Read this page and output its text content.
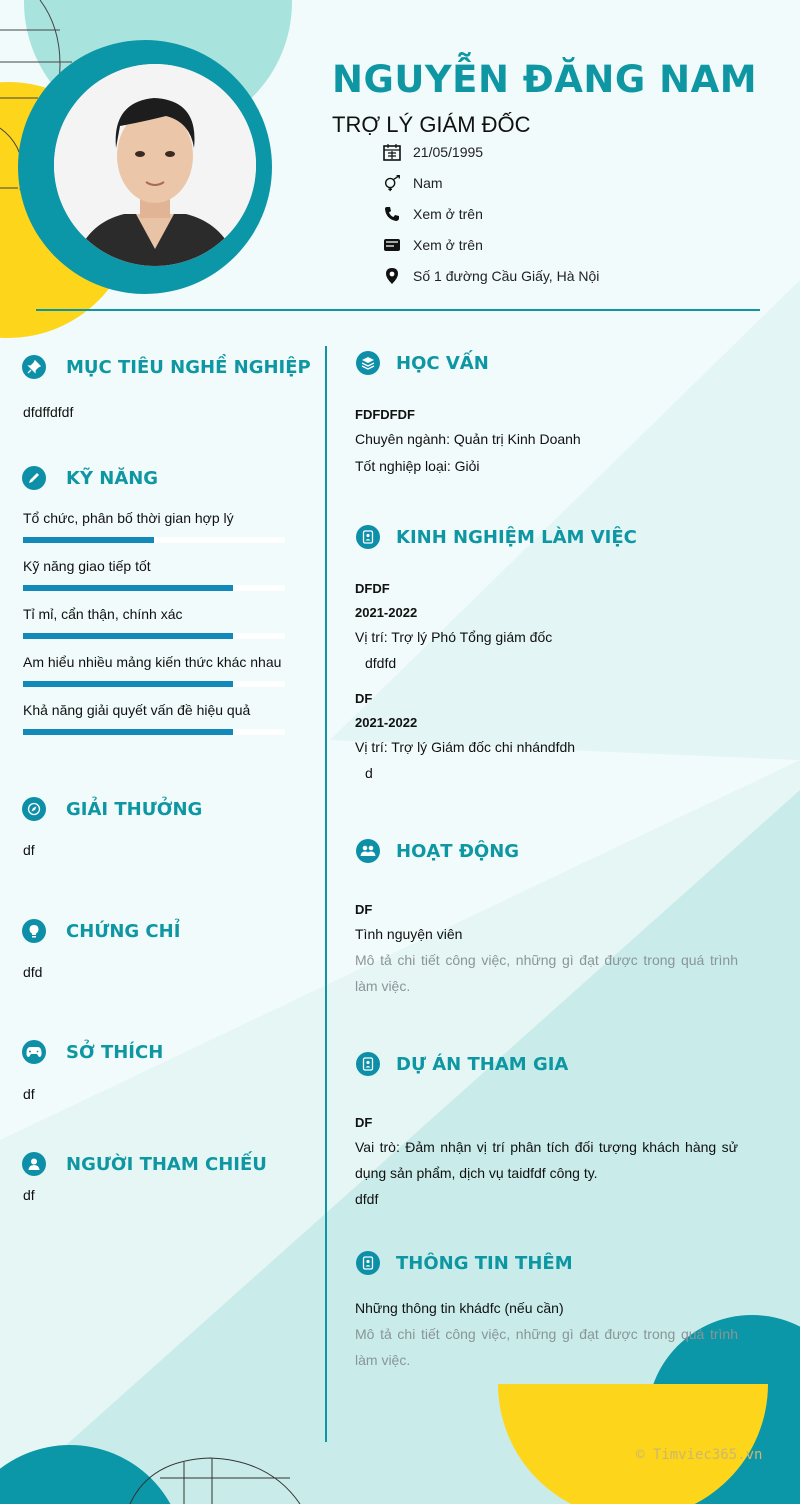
NGUYỄN ĐĂNG NAM
TRỢ LÝ GIÁM ĐỐC
21/05/1995
Nam
Xem ở trên
Xem ở trên
Số 1 đường Cầu Giấy, Hà Nội
MỤC TIÊU NGHỀ NGHIỆP
dfdffdfdf
KỸ NĂNG
Tổ chức, phân bố thời gian hợp lý
Kỹ năng giao tiếp tốt
Tỉ mỉ, cẩn thận, chính xác
Am hiểu nhiều mảng kiến thức khác nhau
Khả năng giải quyết vấn đề hiệu quả
GIẢI THƯỞNG
df
CHỨNG CHỈ
dfd
SỞ THÍCH
df
NGƯỜI THAM CHIẾU
df
HỌC VẤN
FDFDFDF
Chuyên ngành: Quản trị Kinh Doanh
Tốt nghiệp loại: Giỏi
KINH NGHIỆM LÀM VIỆC
DFDF
2021-2022
Vị trí: Trợ lý Phó Tổng giám đốc
dfdfd
DF
2021-2022
Vị trí: Trợ lý Giám đốc chi nhándfdh
d
HOẠT ĐỘNG
DF
Tình nguyện viên
Mô tả chi tiết công việc, những gì đạt được trong quá trình làm việc.
DỰ ÁN THAM GIA
DF
Vai trò: Đảm nhận vị trí phân tích đối tượng khách hàng sử dụng sản phẩm, dịch vụ taidfdf công ty.
dfdf
THÔNG TIN THÊM
Những thông tin khádfc (nếu cần)
Mô tả chi tiết công việc, những gì đạt được trong quá trình làm việc.
© Timviec365.vn
